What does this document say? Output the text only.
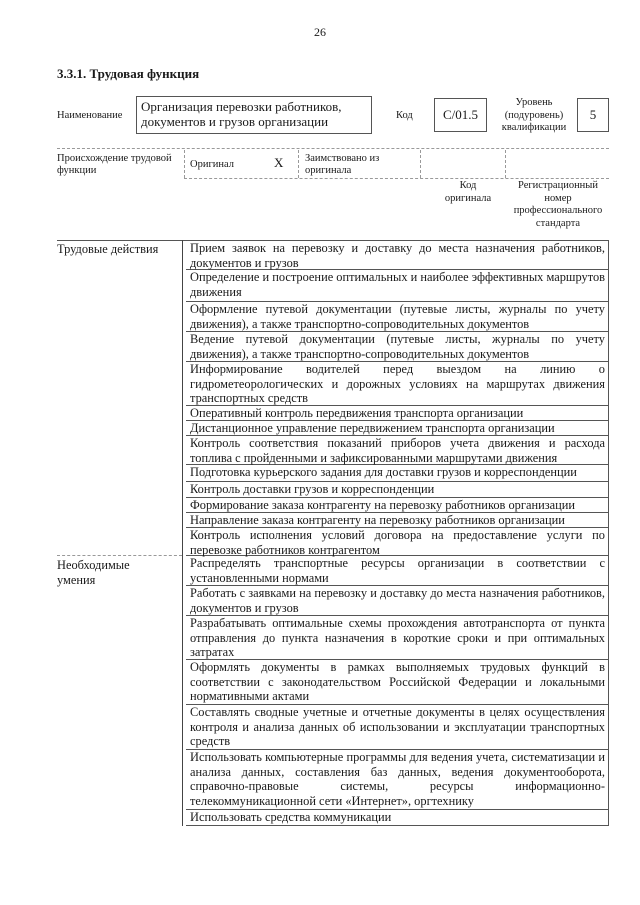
26
3.3.1. Трудовая функция
Наименование
Организация перевозки работников, документов и грузов организации	Код C/01.5
Уровень (подуровень) квалификации
5
Происхождение трудовой функции
Оригинал	X Заимствовано из оригинала
Код оригинала
Регистрационный номер профессионального стандарта
Трудовые действия
Необходимые умения
Прием заявок на перевозку и доставку до места назначения работников, документов и грузов
Определение и построение оптимальных и наиболее эффективных маршрутов движения
Оформление путевой документации (путевые листы, журналы по учету движения), а также транспортно-сопроводительных документов
Ведение путевой документации (путевые листы, журналы по учету движения), а также транспортно-сопроводительных документов
Информирование водителей перед выездом на линию о гидрометеорологических и дорожных условиях на маршрутах движения транспортных средств
Оперативный контроль передвижения транспорта организации
Дистанционное управление передвижением транспорта организации
Контроль соответствия показаний приборов учета движения и расхода топлива с пройденными и зафиксированными маршрутами движения
Подготовка курьерского задания для доставки грузов и корреспонденции
Контроль доставки грузов и корреспонденции
Формирование заказа контрагенту на перевозку работников организации
Направление заказа контрагенту на перевозку работников организации
Контроль исполнения условий договора на предоставление услуги по перевозке работников контрагентом
Распределять транспортные ресурсы организации в соответствии с установленными нормами
Работать с заявками на перевозку и доставку до места назначения работников, документов и грузов
Разрабатывать оптимальные схемы прохождения автотранспорта от пункта отправления до пункта назначения в короткие сроки и при оптимальных затратах
Оформлять документы в рамках выполняемых трудовых функций в соответствии с законодательством Российской Федерации и локальными нормативными актами
Составлять сводные учетные и отчетные документы в целях осуществления контроля и анализа данных об использовании и эксплуатации транспортных средств
Использовать компьютерные программы для ведения учета, систематизации и анализа данных, составления баз данных, ведения документооборота, справочно-правовые системы, ресурсы информационно-телекоммуникационной сети «Интернет», оргтехнику
Использовать средства коммуникации
